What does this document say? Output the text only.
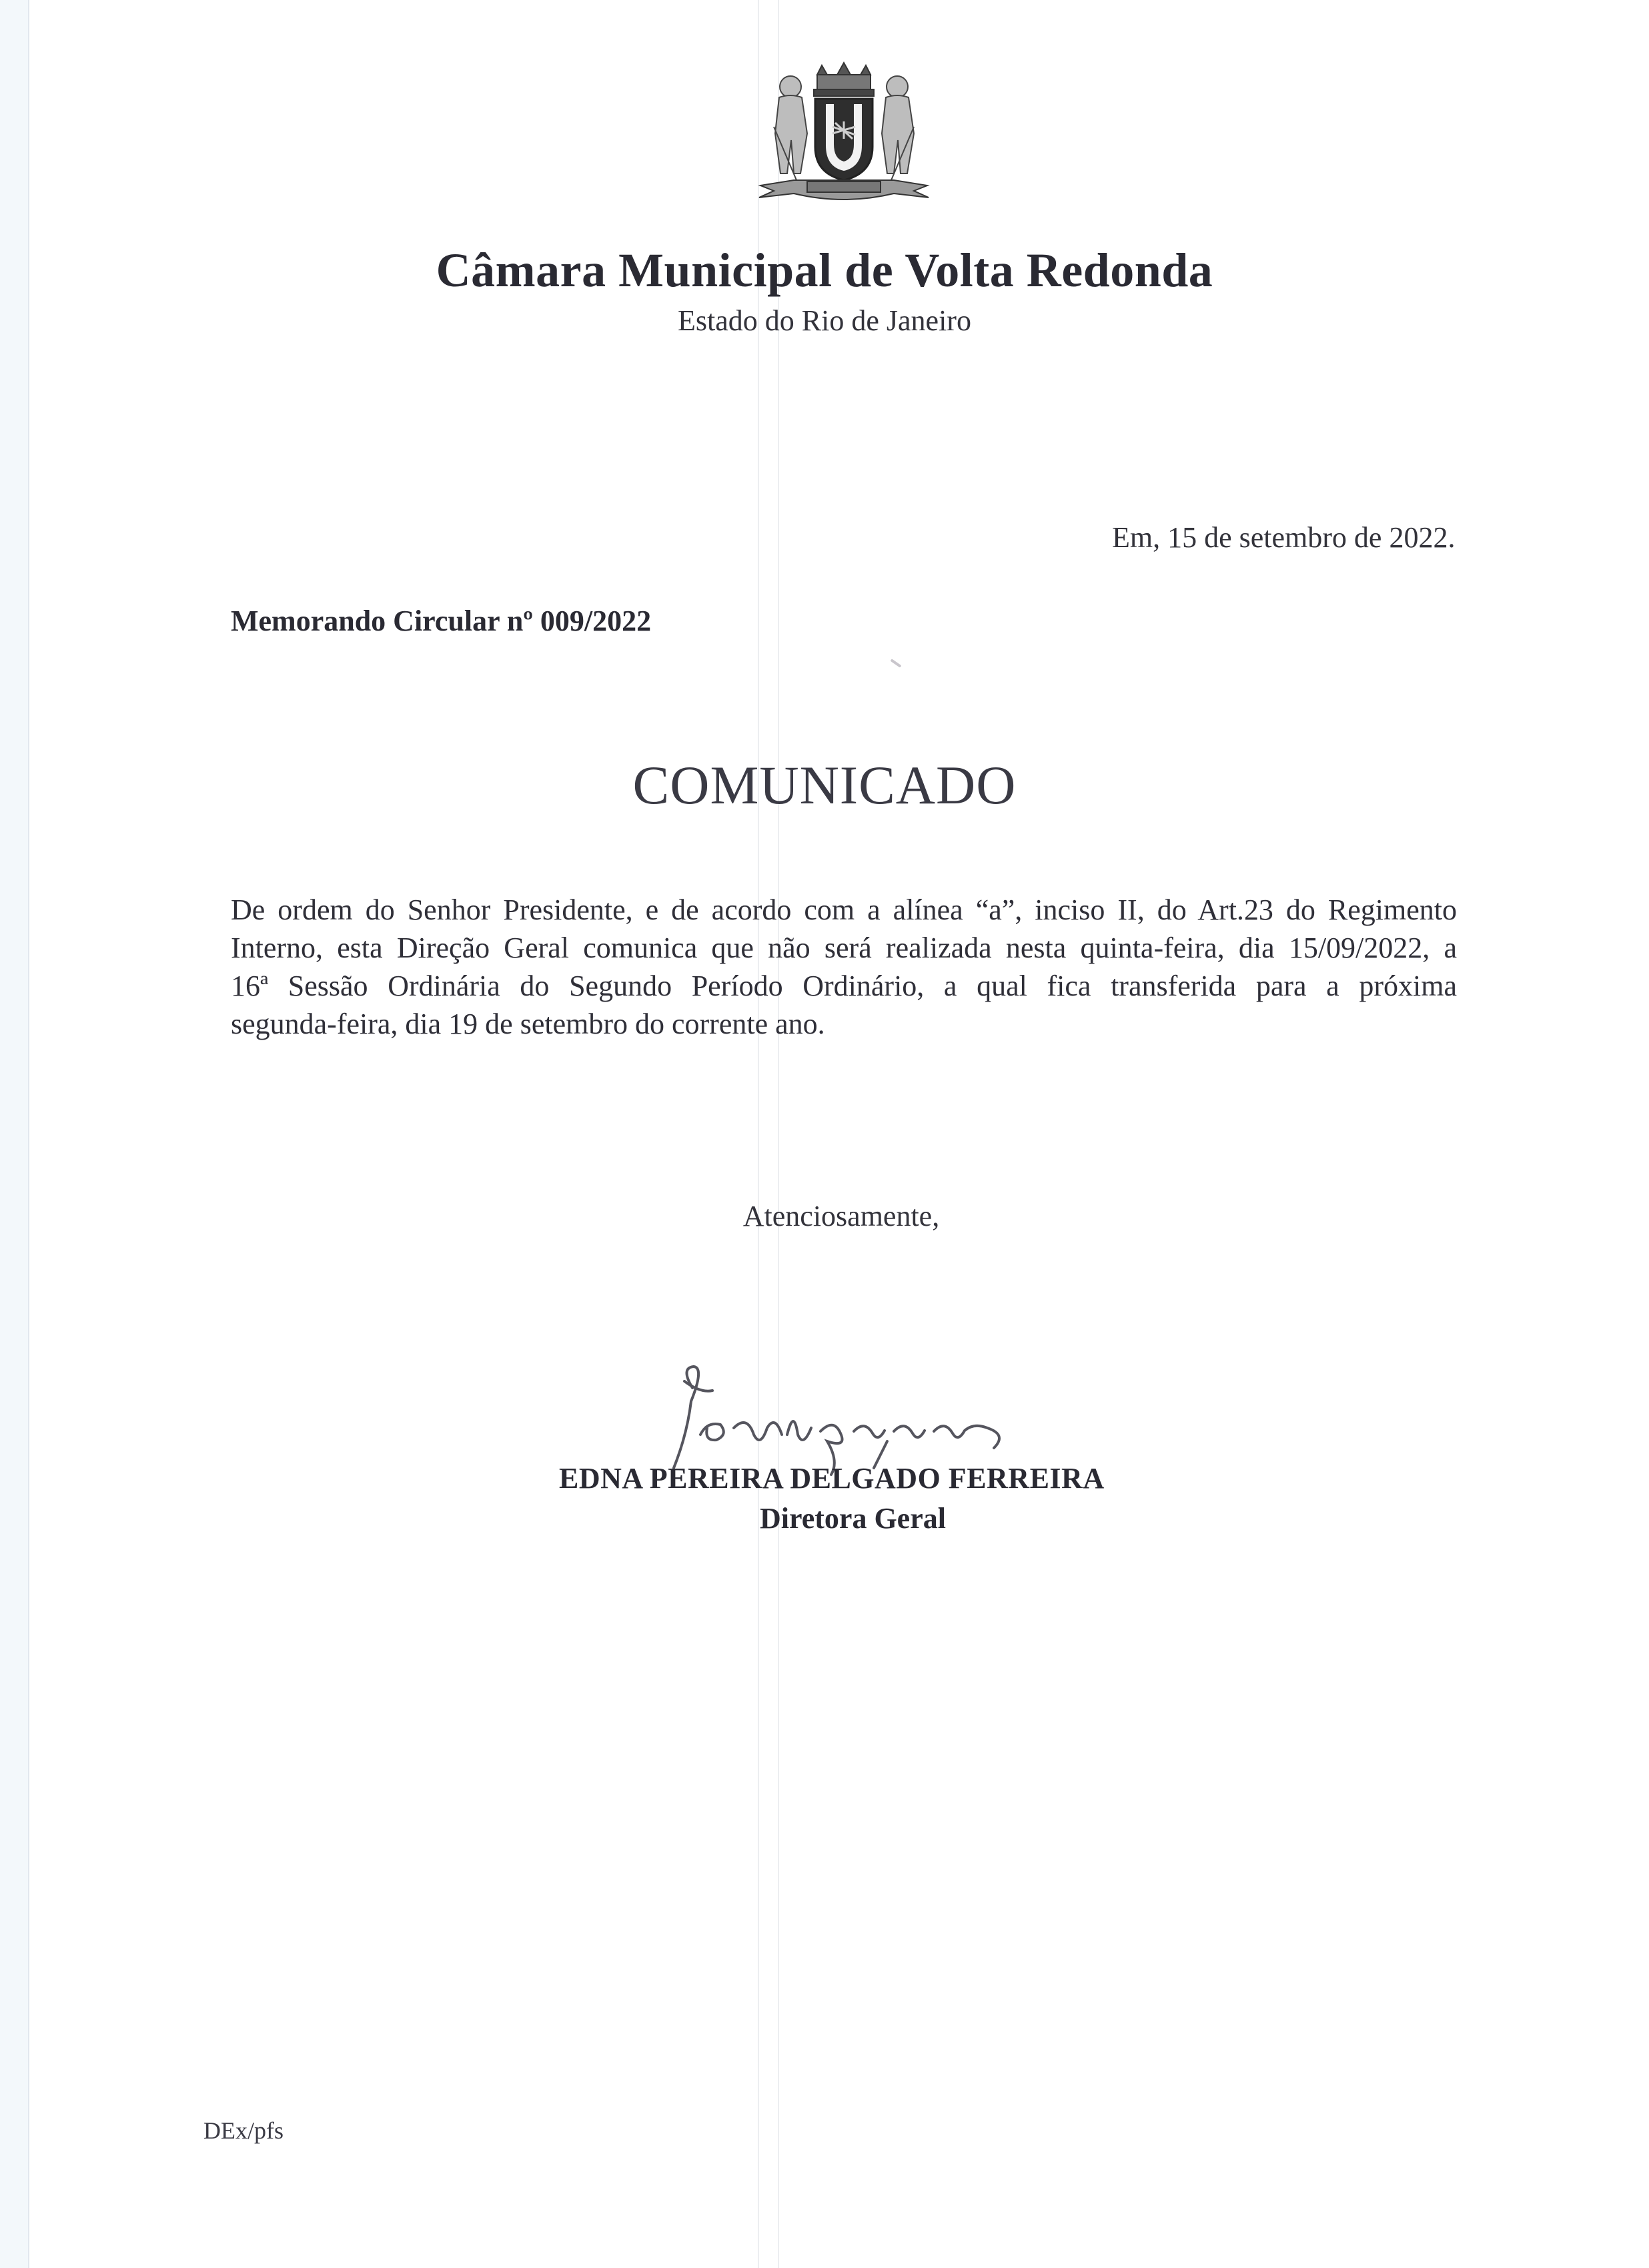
Câmara Municipal de Volta Redonda
Estado do Rio de Janeiro
Em, 15 de setembro de 2022.
Memorando Circular nº 009/2022
COMUNICADO
De ordem do Senhor Presidente, e de acordo com a alínea “a”, inciso II, do Art.23 do Regimento
Interno, esta Direção Geral comunica que não será realizada nesta quinta-feira, dia 15/09/2022, a
16ª Sessão Ordinária do Segundo Período Ordinário, a qual fica transferida para a próxima
segunda-feira, dia 19 de setembro do corrente ano.
Atenciosamente,
EDNA PEREIRA DELGADO FERREIRA
Diretora Geral
DEx/pfs
